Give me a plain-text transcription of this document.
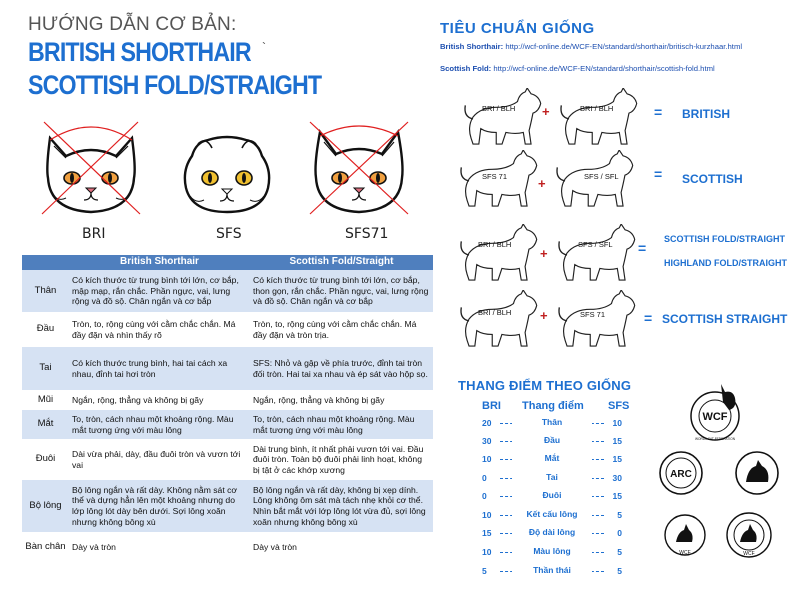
HƯỚNG DẪN CƠ BẢN:
BRITISH SHORTHAIR
SCOTTISH FOLD/STRAIGHT
`
BRI	SFS	SFS71
	British Shorthair	Scottish Fold/Straight
Thân	Có kích thước từ trung bình tới lớn, cơ bắp, mập mạp, rắn chắc. Phần ngực, vai, lưng rộng và đồ sộ. Chân ngắn và cơ bắp	Có kích thước từ trung bình tới lớn, cơ bắp, thon gọn, rắn chắc. Phần ngực, vai, lưng rộng và đồ sộ. Chân ngắn và cơ bắp
Đầu	Tròn, to, rộng cùng với cằm chắc chắn. Má đầy đặn và nhìn thấy rõ	Tròn, to, rộng cùng với cằm chắc chắn. Má đầy đặn và tròn trịa.
Tai	Có kích thước trung bình, hai tai cách xa nhau, đỉnh tai hơi tròn	SFS: Nhỏ và gập về phía trước, đỉnh tai tròn đối tròn. Hai tai xa nhau và ép sát vào hộp sọ.
Mũi	Ngắn, rộng, thẳng và không bị gãy	Ngắn, rộng, thẳng và không bị gãy
Mắt	To, tròn, cách nhau một khoảng rộng. Màu mắt tương ứng với màu lông	To, tròn, cách nhau một khoảng rộng. Màu mắt tương ứng với màu lông
Đuôi	Dài vừa phải, dày, đầu đuôi tròn và vươn tới vai	Dài trung bình, ít nhất phải vươn tới vai. Đầu đuôi tròn. Toàn bộ đuôi phải linh hoạt, không bị tật ở các khớp xương
Bộ lông	Bộ lông ngắn và rất dày. Không nằm sát cơ thể và dựng hẳn lên một khoảng nhưng do lớp lông lót dày bên dưới. Sợi lông xoăn nhưng không bông xù	Bộ lông ngắn và rất dày, không bị xẹp dính. Lông không ôm sát mà tách nhẹ khỏi cơ thể. Nhìn bắt mắt với lớp lông lót vừa đủ, sợi lông xoăn nhưng không bông xù
Bàn chân	Dày và tròn	Dày và tròn
TIÊU CHUẨN GIỐNG
British Shorthair: http://wcf-online.de/WCF-EN/standard/shorthair/britisch-kurzhaar.html
Scottish Fold: http://wcf-online.de/WCF-EN/standard/shorthair/scottish-fold.html
BRI / BLH +	BRI / BLH	= BRITISH
SFS 71 +	SFS / SFL	= SCOTTISH
BRI / BLH
+
SFS / SFL =
SCOTTISH FOLD/STRAIGHT
HIGHLAND FOLD/STRAIGHT
BRI / BLH +	SFS 71	= SCOTTISH STRAIGHT
THANG ĐIỂM THEO GIỐNG
BRI Thang điểm SFS
20	Thân	10
30	Đầu	15
10	Mắt	15
0	Tai	30
0	Đuôi	15
10	Kết cấu lông	5
15	Độ dài lông	0
10	Màu lông	5
5	Thần thái	5
WCF
WORLD CAT FEDERATION
ARC
WCF	WCF
